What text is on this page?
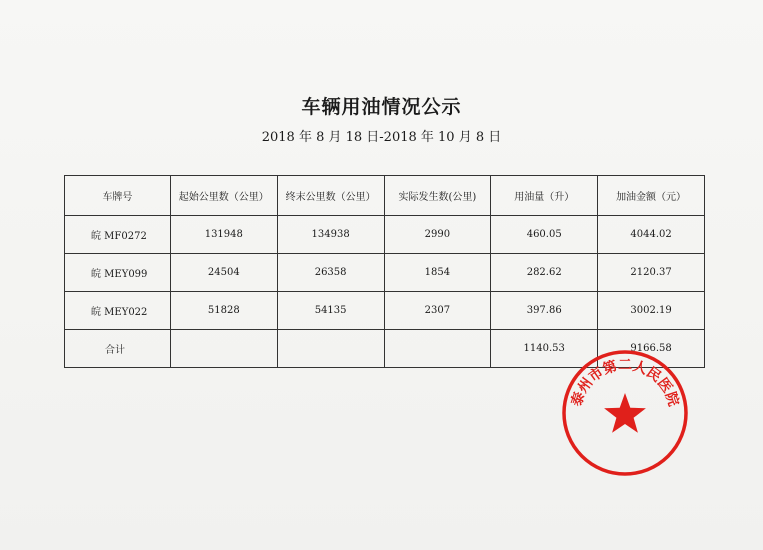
车辆用油情况公示
2018 年 8 月 18 日-2018 年 10 月 8 日
车牌号	起始公里数（公里）	终末公里数（公里）	实际发生数(公里)	用油量（升）	加油金额（元）
皖 MF0272	131948	134938	2990	460.05	4044.02
皖 MEY099	24504	26358	1854	282.62	2120.37
皖 MEY022	51828	54135	2307	397.86	3002.19
合计				1140.53	9166.58
泰州市第二人民医院
